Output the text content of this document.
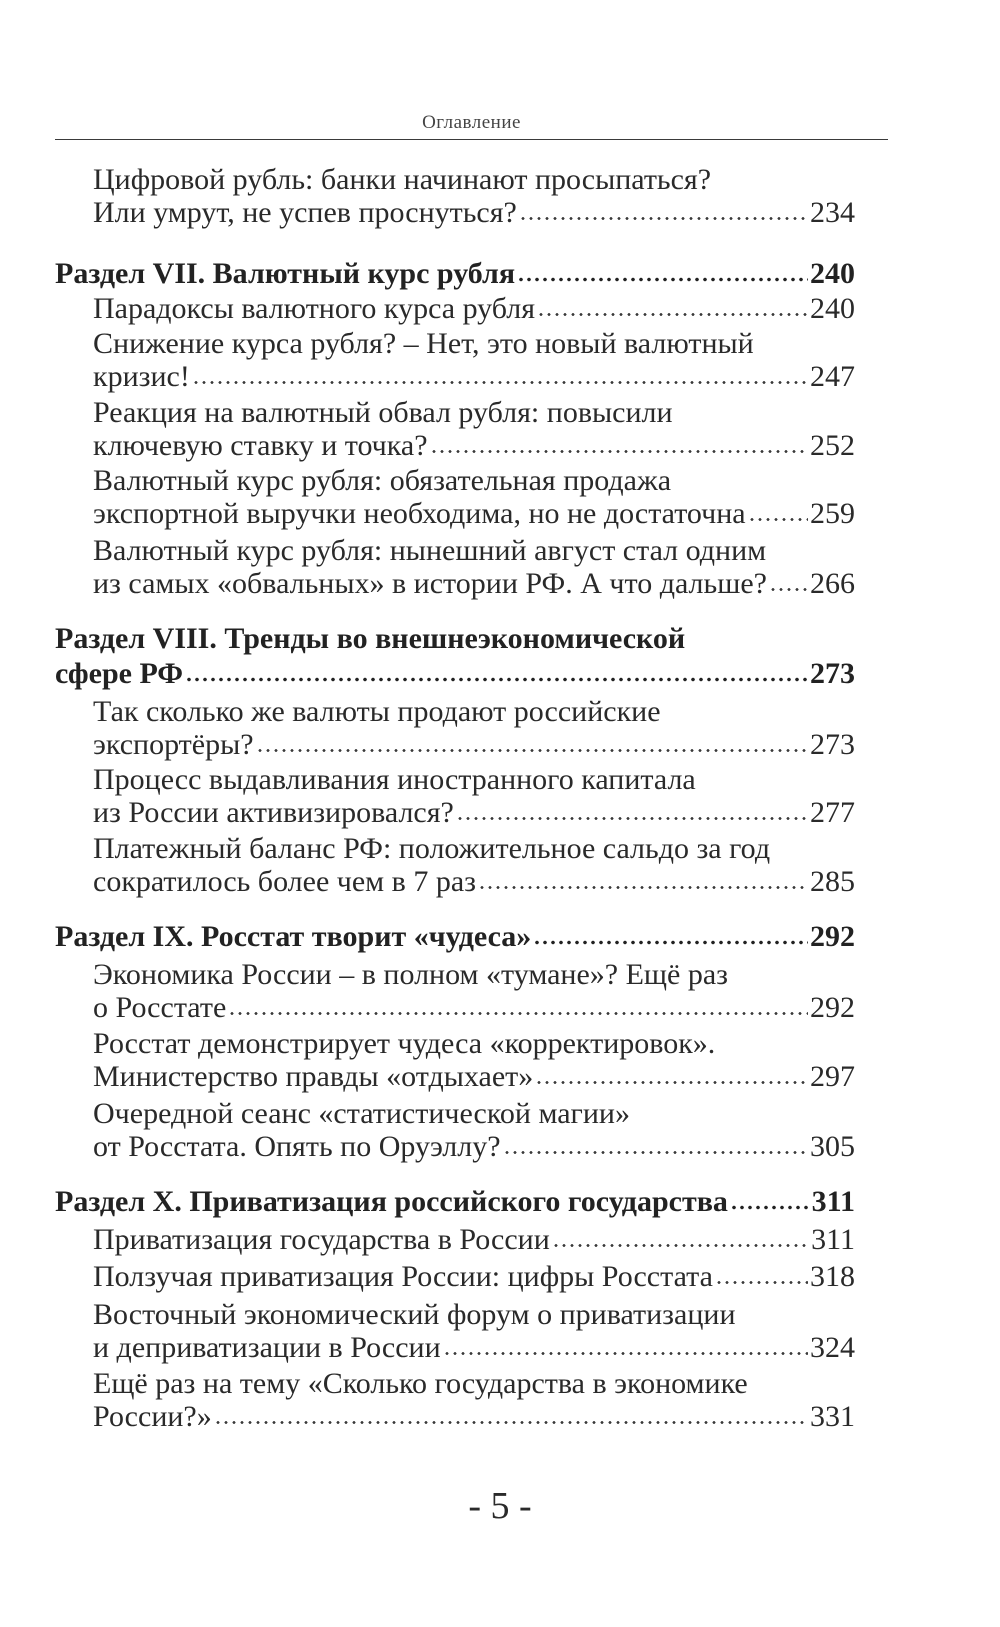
Оглавление
Цифровой рубль: банки начинают просыпаться?
Или умрут, не успев проснуться?	234
Раздел VII. Валютный курс рубля	240
Парадоксы валютного курса рубля	240
Снижение курса рубля? – Нет, это новый валютный
кризис!	247
Реакция на валютный обвал рубля: повысили
ключевую ставку и точка?	252
Валютный курс рубля: обязательная продажа
экспортной выручки необходима, но не достаточна 259
Валютный курс рубля: нынешний август стал одним
из самых «обвальных» в истории РФ. А что дальше? 266
Раздел VIII. Тренды во внешнеэкономической
сфере РФ	273
Так сколько же валюты продают российские
экспортёры?	273
Процесс выдавливания иностранного капитала
из России активизировался?	277
Платежный баланс РФ: положительное сальдо за год
сократилось более чем в 7 раз	285
Раздел IX. Росстат творит «чудеса»	292
Экономика России – в полном «тумане»? Ещё раз
о Росстате	292
Росстат демонстрирует чудеса «корректировок».
Министерство правды «отдыхает»	297
Очередной сеанс «статистической магии»
от Росстата. Опять по Оруэллу?	305
Раздел X. Приватизация российского государства	311
Приватизация государства в России	311
Ползучая приватизация России: цифры Росстата	318
Восточный экономический форум о приватизации
и деприватизации в России	324
Ещё раз на тему «Сколько государства в экономике
России?»	331
- 5 -
